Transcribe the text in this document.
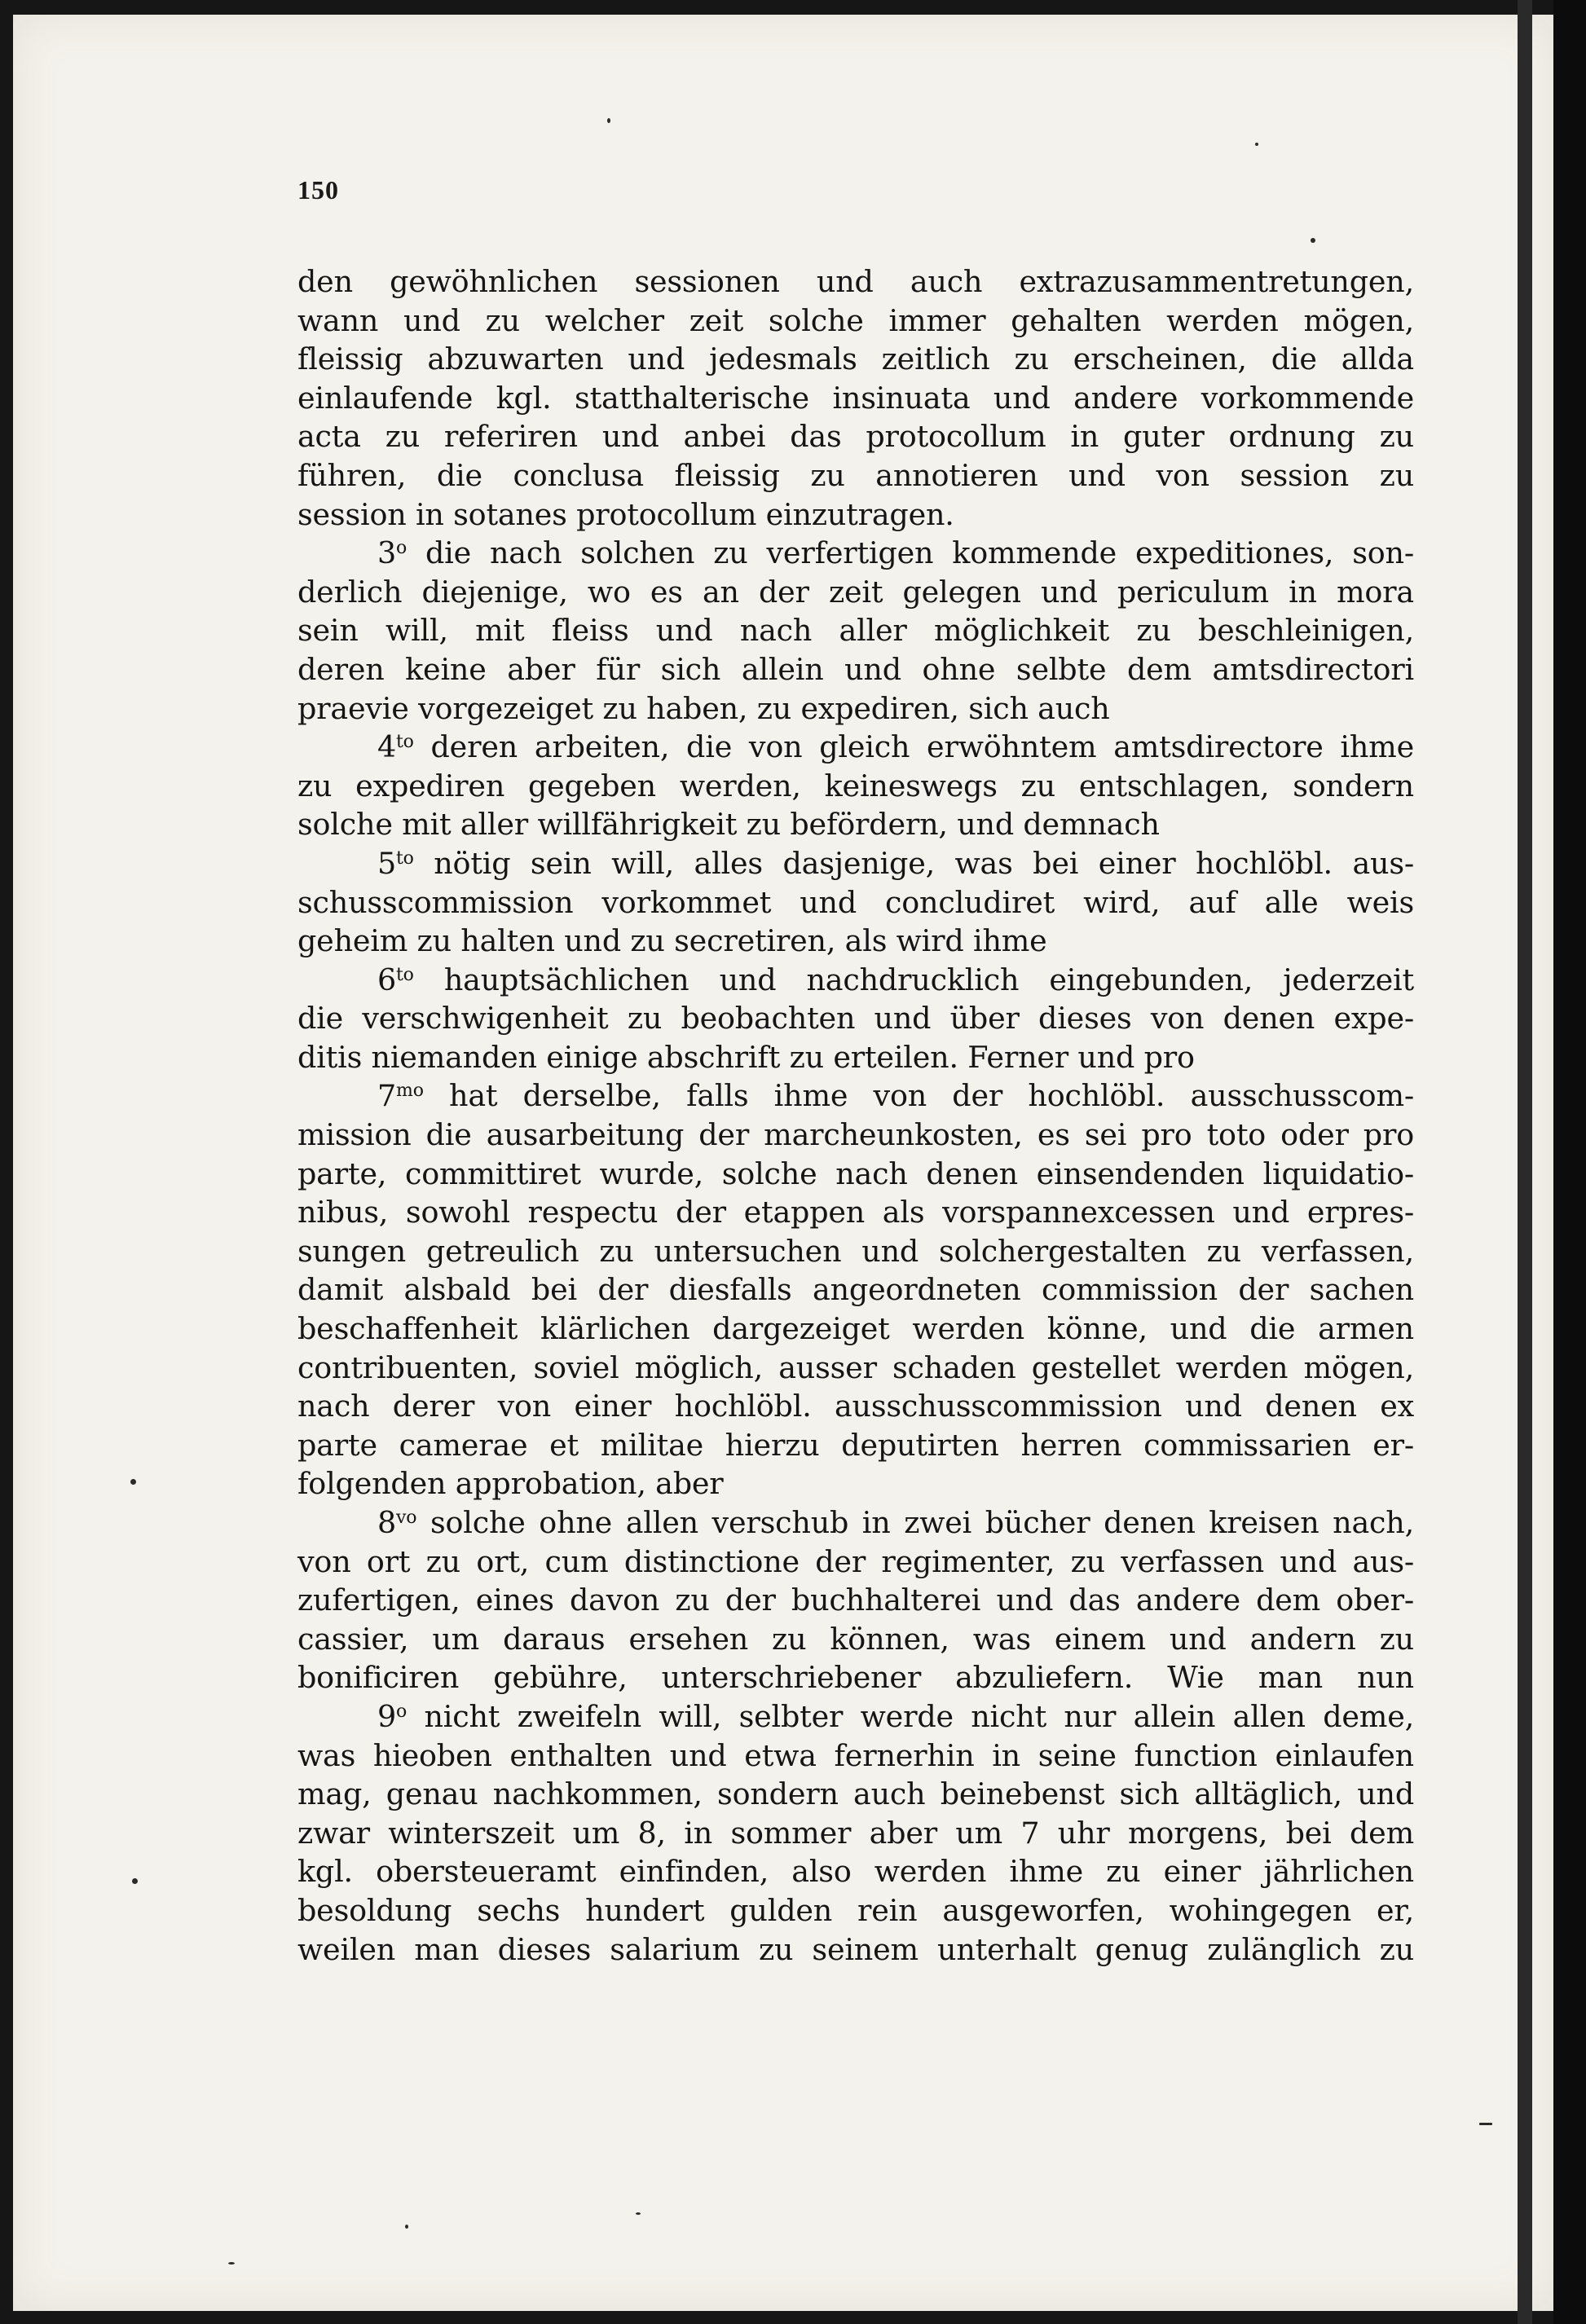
150
den gewöhnlichen sessionen und auch extrazusammentretungen,
wann und zu welcher zeit solche immer gehalten werden mögen,
fleissig abzuwarten und jedesmals zeitlich zu erscheinen, die allda
einlaufende kgl. statthalterische insinuata und andere vorkommende
acta zu referiren und anbei das protocollum in guter ordnung zu
führen, die conclusa fleissig zu annotieren und von session zu
session in sotanes protocollum einzutragen.
3$^o$ die nach solchen zu verfertigen kommende expeditiones, son-
derlich diejenige, wo es an der zeit gelegen und periculum in mora
sein will, mit fleiss und nach aller möglichkeit zu beschleinigen,
deren keine aber für sich allein und ohne selbte dem amtsdirectori
praevie vorgezeiget zu haben, zu expediren, sich auch
$4^{to}$ deren arbeiten, die von gleich erwöhntem amtsdirectore ihme
zu expediren gegeben werden, keineswegs zu entschlagen, sondern
solche mit aller willfährigkeit zu befördern, und demnach
$5^{to}$ nötig sein will, alles dasjenige, was bei einer hochlöbl. aus-
schusscommission vorkommet und concludiret wird, auf alle weis
geheim zu halten und zu secretiren, als wird ihme
$6^{to}$ hauptsächlichen und nachdrucklich eingebunden, jederzeit
die verschwigenheit zu beobachten und über dieses von denen expe-
ditis niemanden einige abschrift zu erteilen. Ferner und pro
$7^{mo}$ hat derselbe, falls ihme von der hochlöbl. ausschusscom-
mission die ausarbeitung der marcheunkosten, es sei pro toto oder pro
parte, committiret wurde, solche nach denen einsendenden liquidatio-
nibus, sowohl respectu der etappen als vorspannexcessen und erpres-
sungen getreulich zu untersuchen und solchergestalten zu verfassen,
damit alsbald bei der diesfalls angeordneten commission der sachen
beschaffenheit klärlichen dargezeiget werden könne, und die armen
contribuenten, soviel möglich, ausser schaden gestellet werden mögen,
nach derer von einer hochlöbl. ausschusscommission und denen ex
parte camerae et militae hierzu deputirten herren commissarien er-
folgenden approbation, aber
$8^{vo}$ solche ohne allen verschub in zwei bücher denen kreisen nach,
von ort zu ort, cum distinctione der regimenter, zu verfassen und aus-
zufertigen, eines davon zu der buchhalterei und das andere dem ober-
cassier, um daraus ersehen zu können, was einem und andern zu
bonificiren gebühre, unterschriebener abzuliefern. Wie man nun
9$^o$ nicht zweifeln will, selbter werde nicht nur allein allen deme,
was hieoben enthalten und etwa fernerhin in seine function einlaufen
mag, genau nachkommen, sondern auch beinebenst sich alltäglich, und
zwar winterszeit um 8, in sommer aber um 7 uhr morgens, bei dem
kgl. obersteueramt einfinden, also werden ihme zu einer jährlichen
besoldung sechs hundert gulden rein ausgeworfen, wohingegen er,
weilen man dieses salarium zu seinem unterhalt genug zulänglich zu
